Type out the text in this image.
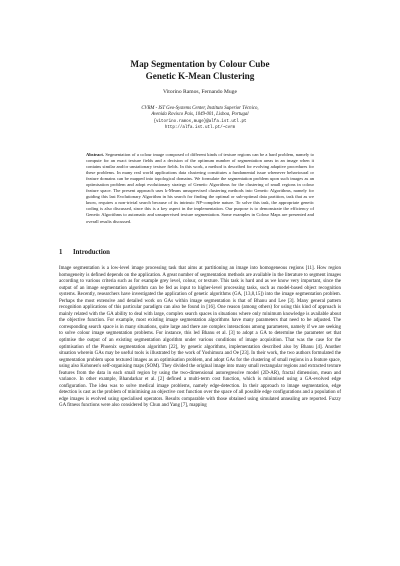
Map Segmentation by Colour Cube
Genetic K-Mean Clustering
Vitorino Ramos, Fernando Muge
CVRM - IST Geo-Systems Center, Instituto Superior Técnico,
Avenida Rovisco Pais, 1049-001, Lisboa, Portugal
{vitorino.ramos,muge}@alfa.ist.utl.pt
http://alfa.ist.utl.pt/~cvrm
Abstract. Segmentation of a colour image composed of different kinds of texture regions can be a hard problem, namely to compute for an exact texture fields and a decision of the optimum number of segmentation areas in an image when it contains similar and/or unstationary texture fields. In this work, a method is described for evolving adaptive procedures for these problems. In many real world applications data clustering constitutes a fundamental issue whenever behavioural or feature domains can be mapped into topological domains. We formulate the segmentation problem upon such images as an optimisation problem and adopt evolutionary strategy of Genetic Algorithms for the clustering of small regions in colour feature space. The present approach uses k-Means unsupervised clustering methods into Genetic Algorithms, namely for guiding this last Evolutionary Algorithm in his search for finding the optimal or sub-optimal data partition, task that as we know, requires a non-trivial search because of its intrinsic NP-complete nature. To solve this task, the appropriate genetic coding is also discussed, since this is a key aspect in the implementation. Our purpose is to demonstrate the efficiency of Genetic Algorithms to automatic and unsupervised texture segmentation. Some examples in Colour Maps are presented and overall results discussed.
1 Introduction
Image segmentation is a low-level image processing task that aims at partitioning an image into homogeneous regions [11]. How region homogeneity is defined depends on the application. A great number of segmentation methods are available in the literature to segment images according to various criteria such as for example grey level, colour, or texture. This task is hard and as we know very important, since the output of an image segmentation algorithm can be fed as input to higher-level processing tasks, such as model-based object recognition systems. Recently, researchers have investigated the application of genetic algorithms (GA, [13,8,15]) into the image segmentation problem. Perhaps the most extensive and detailed work on GAs within image segmentation is that of Bhanu and Lee [3]. Many general pattern recognition applications of this particular paradigm can also be found in [16]. One reason (among others) for using this kind of approach is mainly related with the GA ability to deal with large, complex search spaces in situations where only minimum knowledge is available about the objective function. For example, most existing image segmentation algorithms have many parameters that need to be adjusted. The corresponding search space is in many situations, quite large and there are complex interactions among parameters, namely if we are seeking to solve colour image segmentation problems. For instance, this led Bhanu et al. [3] to adopt a GA to determine the parameter set that optimise the output of an existing segmentation algorithm under various conditions of image acquisition. That was the case for the optimisation of the Phoenix segmentation algorithm [22], by genetic algorithms, implementation described also by Bhanu [4]. Another situation wherein GAs may be useful tools is illustrated by the work of Yoshimura and Oe [23]. In their work, the two authors formulated the segmentation problem upon textured images as an optimisation problem, and adopt GAs for the clustering of small regions in a feature space, using also Kohonen's self-organising maps (SOM). They divided the original image into many small rectangular regions and extracted texture features from the data in each small region by using the two-dimensional autoregressive model (2D-AR), fractal dimension, mean and variance. In other example, Bhandarkar et al. [2] defined a multi-term cost function, which is minimised using a GA-evolved edge configuration. The idea was to solve medical image problems, namely edge-detection. In their approach to image segmentation, edge detection is cast as the problem of minimising an objective cost function over the space of all possible edge configurations and a population of edge images is evolved using specialised operators. Results comparable with those obtained using simulated annealing are reported. Fuzzy GA fitness functions were also considered by Chun and Yang [7], mapping
